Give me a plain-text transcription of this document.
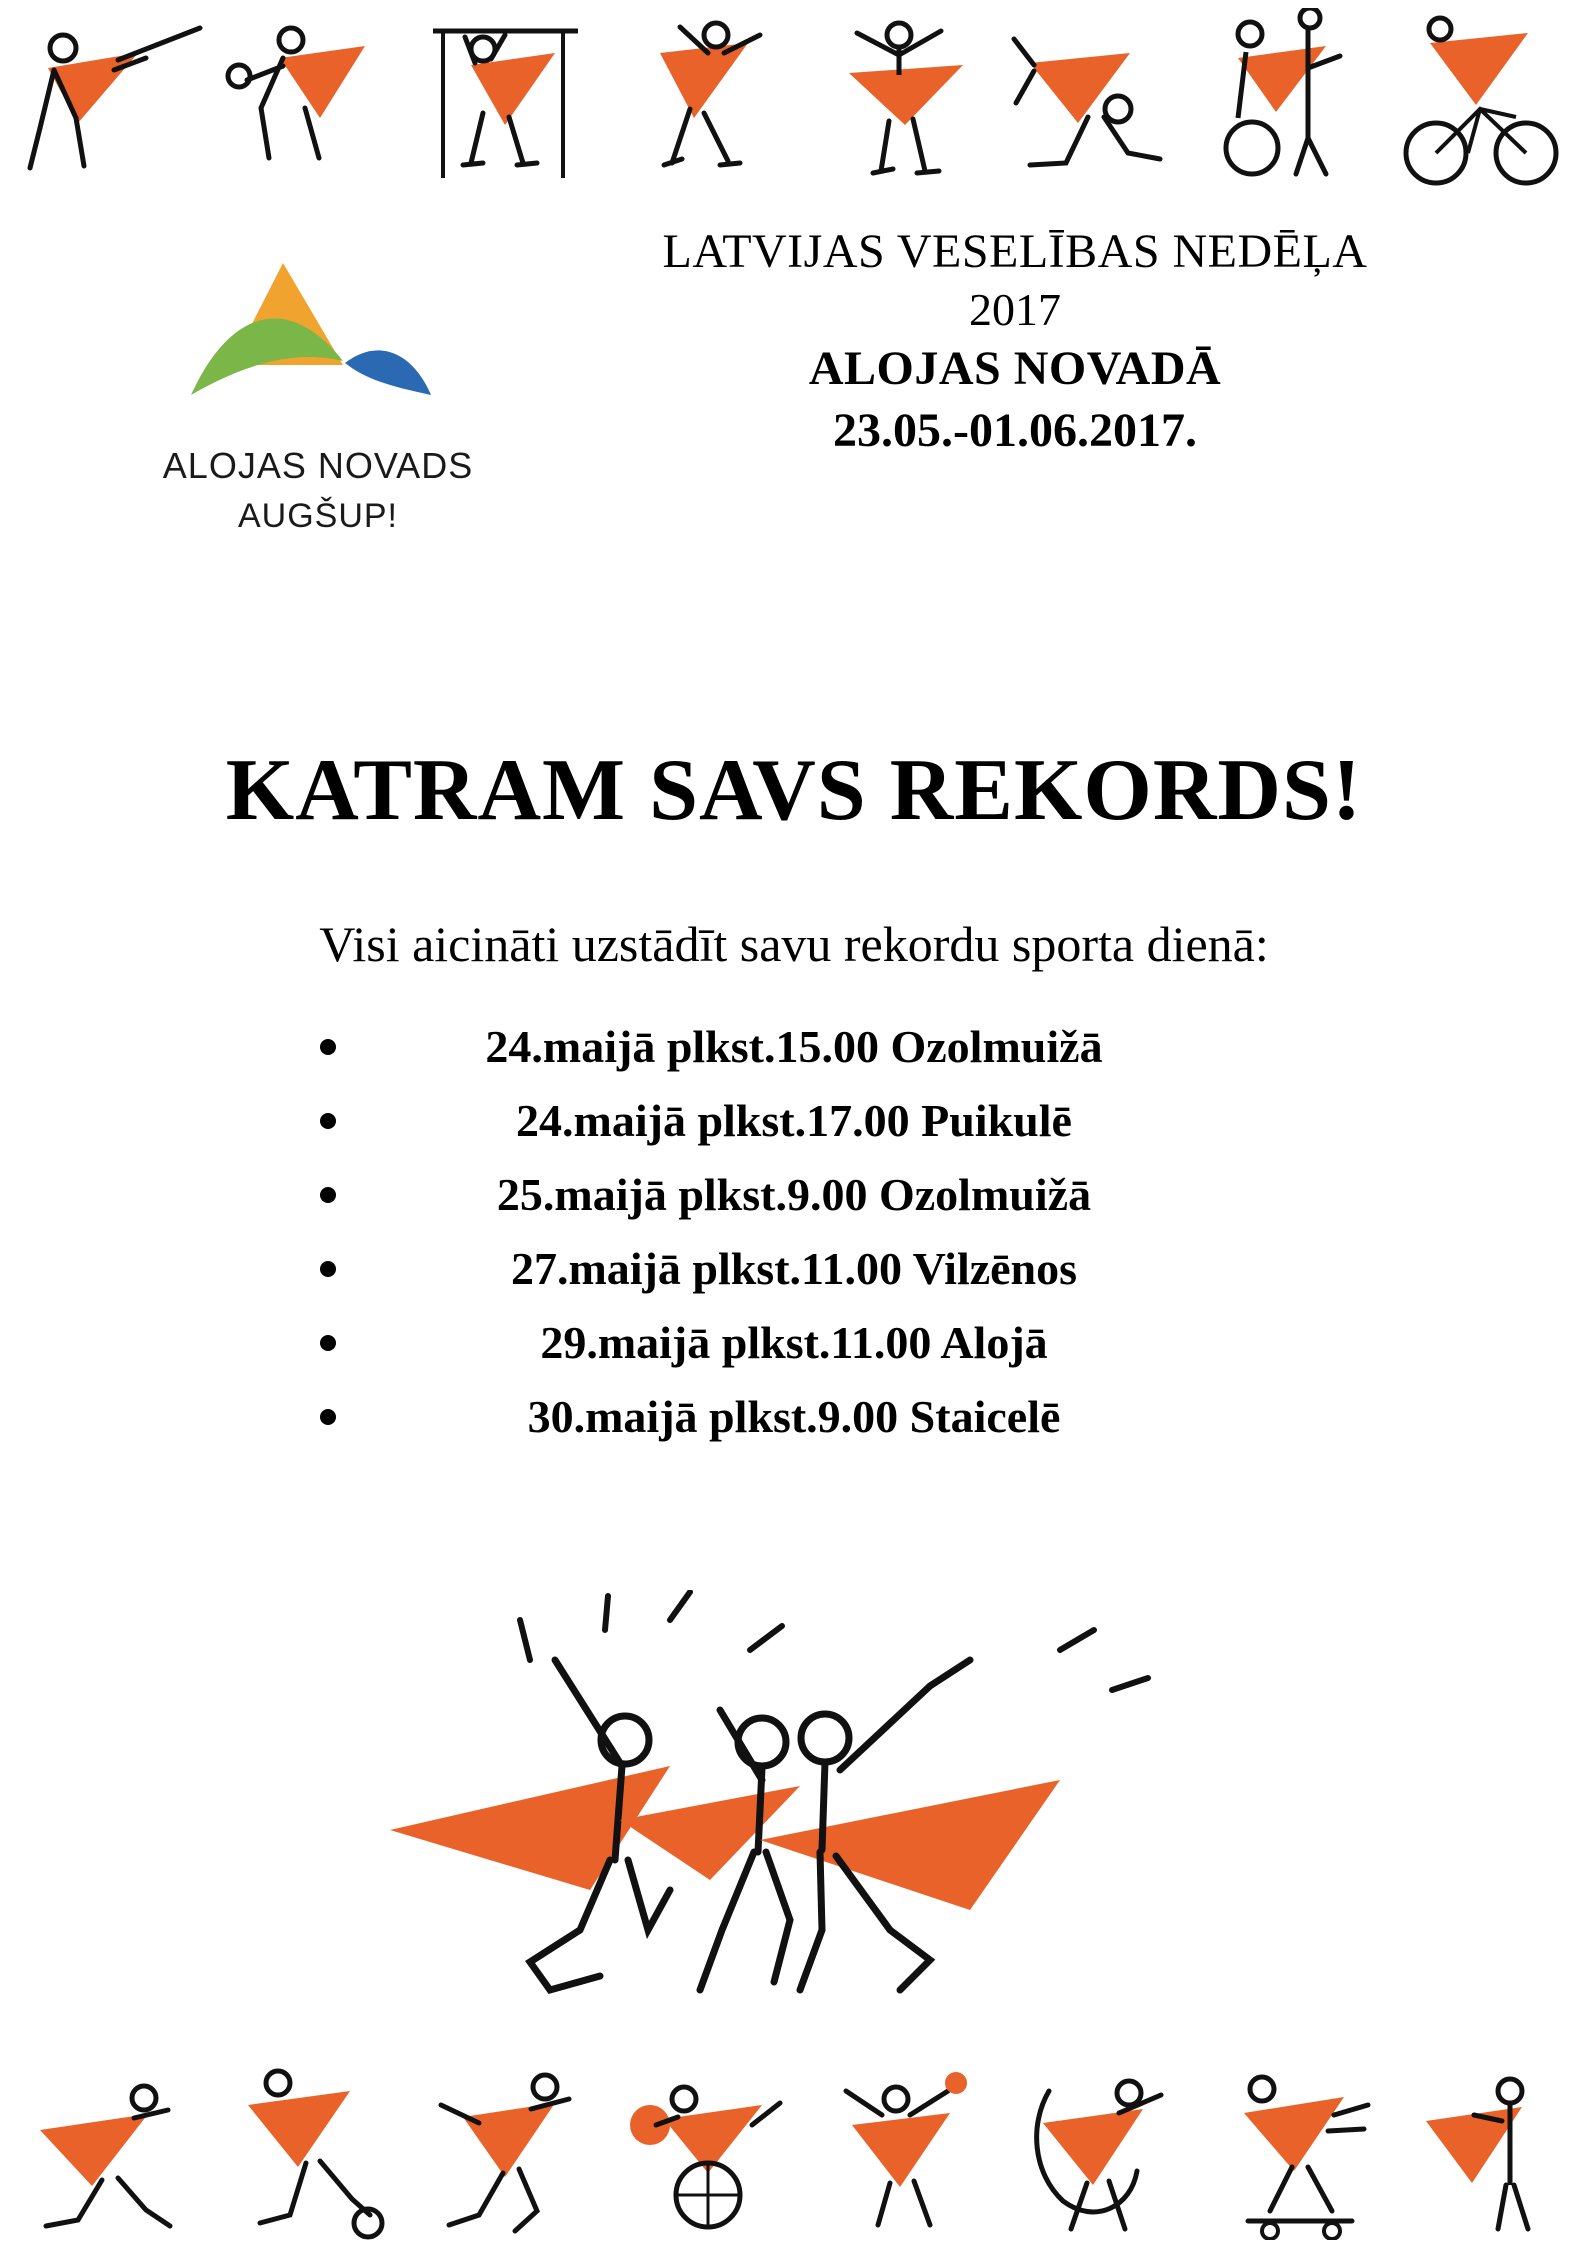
ALOJAS NOVADS
AUGŠUP!
LATVIJAS VESELĪBAS NEDĒĻA
2017
ALOJAS NOVADĀ
23.05.-01.06.2017.
KATRAM SAVS REKORDS!
Visi aicināti uzstādīt savu rekordu sporta dienā:
24.maijā plkst.15.00 Ozolmuižā
24.maijā plkst.17.00 Puikulē
25.maijā plkst.9.00 Ozolmuižā
27.maijā plkst.11.00 Vilzēnos
29.maijā plkst.11.00 Alojā
30.maijā plkst.9.00 Staicelē
